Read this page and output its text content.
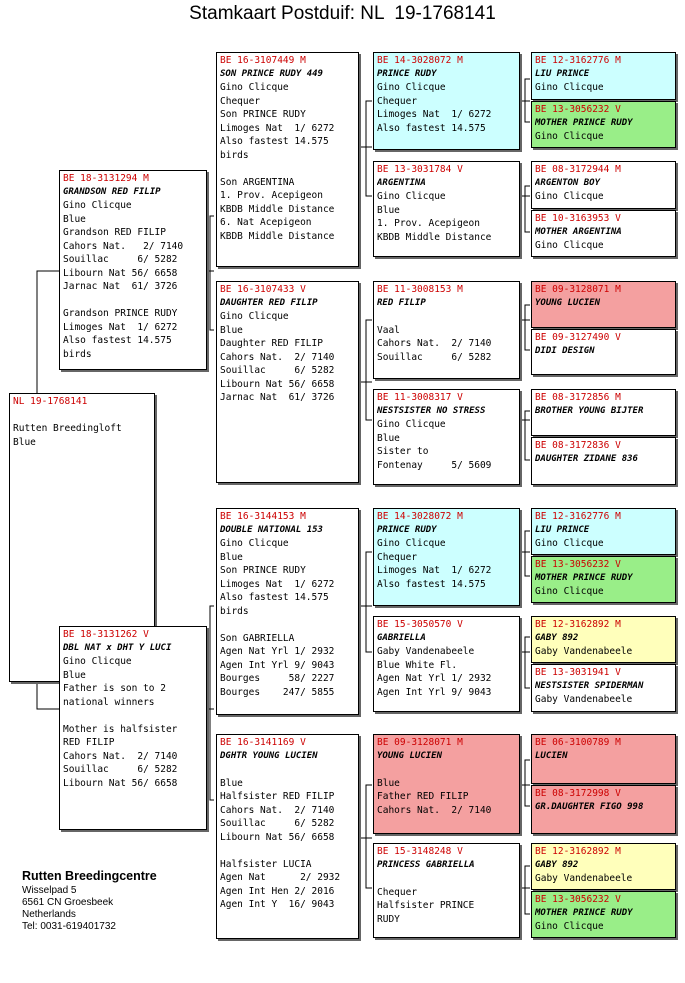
Stamkaart Postduif: NL  19-1768141
NL 19-1768141
Rutten Breedingloft
Blue
BE 18-3131294 M
GRANDSON RED FILIP
Gino Clicque
Blue
Grandson RED FILIP
Cahors Nat.   2/ 7140
Souillac     6/ 5282
Libourn Nat 56/ 6658
Jarnac Nat  61/ 3726
Grandson PRINCE RUDY
Limoges Nat  1/ 6272
Also fastest 14.575
birds
BE 18-3131262 V
DBL NAT x DHT Y LUCI
Gino Clicque
Blue
Father is son to 2
national winners
Mother is halfsister
RED FILIP
Cahors Nat.  2/ 7140
Souillac     6/ 5282
Libourn Nat 56/ 6658
BE 16-3107449 M
SON PRINCE RUDY 449
Gino Clicque
Chequer
Son PRINCE RUDY
Limoges Nat  1/ 6272
Also fastest 14.575
birds
Son ARGENTINA
1. Prov. Acepigeon
KBDB Middle Distance
6. Nat Acepigeon
KBDB Middle Distance
BE 16-3107433 V
DAUGHTER RED FILIP
Gino Clicque
Blue
Daughter RED FILIP
Cahors Nat.  2/ 7140
Souillac     6/ 5282
Libourn Nat 56/ 6658
Jarnac Nat  61/ 3726
BE 16-3144153 M
DOUBLE NATIONAL 153
Gino Clicque
Blue
Son PRINCE RUDY
Limoges Nat  1/ 6272
Also fastest 14.575
birds
Son GABRIELLA
Agen Nat Yrl 1/ 2932
Agen Int Yrl 9/ 9043
Bourges     58/ 2227
Bourges    247/ 5855
BE 16-3141169 V
DGHTR YOUNG LUCIEN
Blue
Halfsister RED FILIP
Cahors Nat.  2/ 7140
Souillac     6/ 5282
Libourn Nat 56/ 6658
Halfsister LUCIA
Agen Nat      2/ 2932
Agen Int Hen 2/ 2016
Agen Int Y  16/ 9043
BE 14-3028072 M
PRINCE RUDY
Gino Clicque
Chequer
Limoges Nat  1/ 6272
Also fastest 14.575
BE 13-3031784 V
ARGENTINA
Gino Clicque
Blue
1. Prov. Acepigeon
KBDB Middle Distance
BE 11-3008153 M
RED FILIP
Vaal
Cahors Nat.  2/ 7140
Souillac     6/ 5282
BE 11-3008317 V
NESTSISTER NO STRESS
Gino Clicque
Blue
Sister to
Fontenay     5/ 5609
BE 14-3028072 M
PRINCE RUDY
Gino Clicque
Chequer
Limoges Nat  1/ 6272
Also fastest 14.575
BE 15-3050570 V
GABRIELLA
Gaby Vandenabeele
Blue White Fl.
Agen Nat Yrl 1/ 2932
Agen Int Yrl 9/ 9043
BE 09-3128071 M
YOUNG LUCIEN
Blue
Father RED FILIP
Cahors Nat.  2/ 7140
BE 15-3148248 V
PRINCESS GABRIELLA
Chequer
Halfsister PRINCE
RUDY
BE 12-3162776 M
LIU PRINCE
Gino Clicque
BE 13-3056232 V
MOTHER PRINCE RUDY
Gino Clicque
BE 08-3172944 M
ARGENTON BOY
Gino Clicque
BE 10-3163953 V
MOTHER ARGENTINA
Gino Clicque
BE 09-3128071 M
YOUNG LUCIEN
BE 09-3127490 V
DIDI DESIGN
BE 08-3172856 M
BROTHER YOUNG BIJTER
BE 08-3172836 V
DAUGHTER ZIDANE 836
BE 12-3162776 M
LIU PRINCE
Gino Clicque
BE 13-3056232 V
MOTHER PRINCE RUDY
Gino Clicque
BE 12-3162892 M
GABY 892
Gaby Vandenabeele
BE 13-3031941 V
NESTSISTER SPIDERMAN
Gaby Vandenabeele
BE 06-3100789 M
LUCIEN
BE 08-3172998 V
GR.DAUGHTER FIGO 998
BE 12-3162892 M
GABY 892
Gaby Vandenabeele
BE 13-3056232 V
MOTHER PRINCE RUDY
Gino Clicque
Rutten Breedingcentre
Wisselpad 5
6561 CN Groesbeek
Netherlands
Tel: 0031-619401732
